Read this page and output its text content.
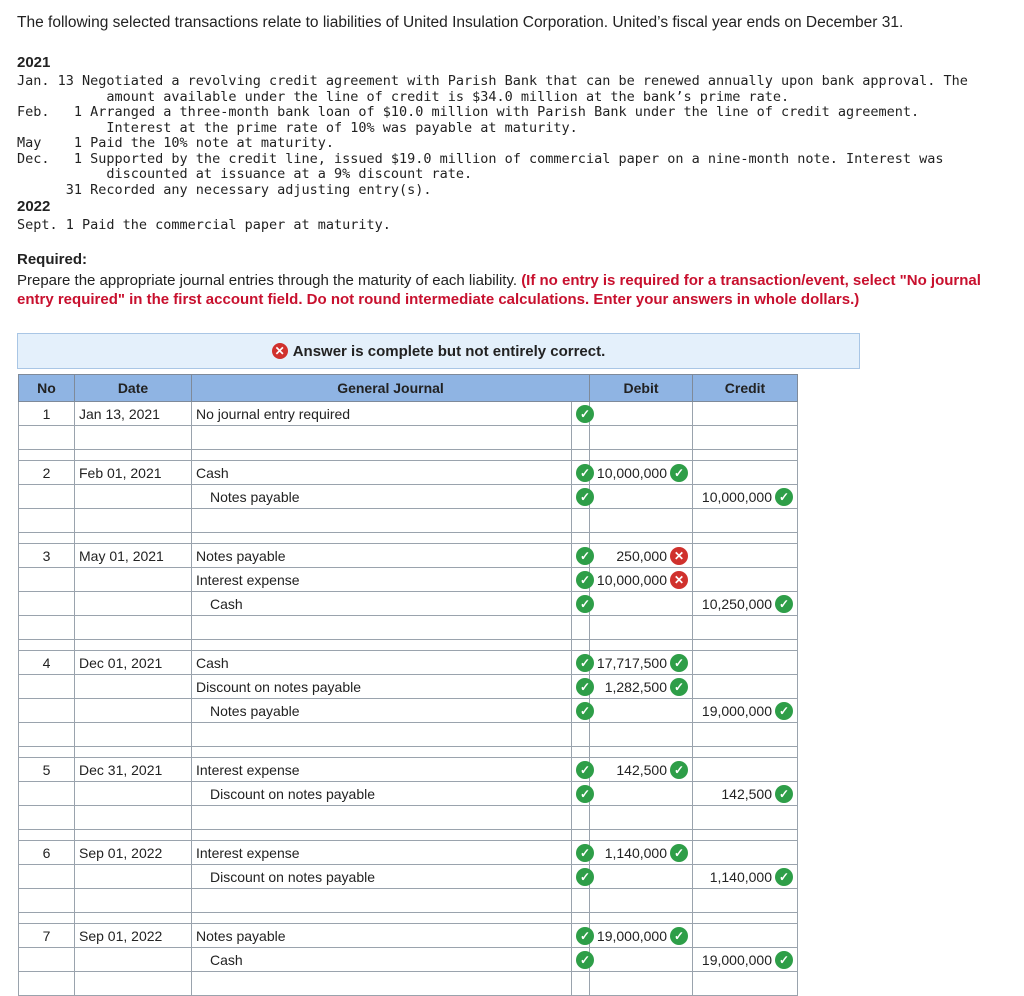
The following selected transactions relate to liabilities of United Insulation Corporation. United’s fiscal year ends on December 31.
2021
Jan. 13 Negotiated a revolving credit agreement with Parish Bank that can be renewed annually upon bank approval. The
amount available under the line of credit is $34.0 million at the bank’s prime rate.
Feb.   1 Arranged a three-month bank loan of $10.0 million with Parish Bank under the line of credit agreement.
Interest at the prime rate of 10% was payable at maturity.
May    1 Paid the 10% note at maturity.
Dec.   1 Supported by the credit line, issued $19.0 million of commercial paper on a nine-month note. Interest was
discounted at issuance at a 9% discount rate.
31 Recorded any necessary adjusting entry(s).
2022
Sept. 1 Paid the commercial paper at maturity.
Required:
Prepare the appropriate journal entries through the maturity of each liability. (If no entry is required for a transaction/event, select "No journal entry required" in the first account field. Do not round intermediate calculations. Enter your answers in whole dollars.)
✕ Answer is complete but not entirely correct.
No	Date	General Journal		Debit	Credit
1	Jan 13, 2021	No journal entry required	✓		

2	Feb 01, 2021	Cash	✓	10,000,000 ✓	

		Notes payable	✓		10,000,000 ✓

3	May 01, 2021	Notes payable	✓	250,000 ✕	

		Interest expense	✓	10,000,000 ✕	

		Cash	✓		10,250,000 ✓

4	Dec 01, 2021	Cash	✓	17,717,500 ✓	

		Discount on notes payable	✓	1,282,500 ✓	

		Notes payable	✓		19,000,000 ✓

5	Dec 31, 2021	Interest expense	✓	142,500 ✓	

		Discount on notes payable	✓		142,500 ✓

6	Sep 01, 2022	Interest expense	✓	1,140,000 ✓	

		Discount on notes payable	✓		1,140,000 ✓

7	Sep 01, 2022	Notes payable	✓	19,000,000 ✓	

		Cash	✓		19,000,000 ✓
